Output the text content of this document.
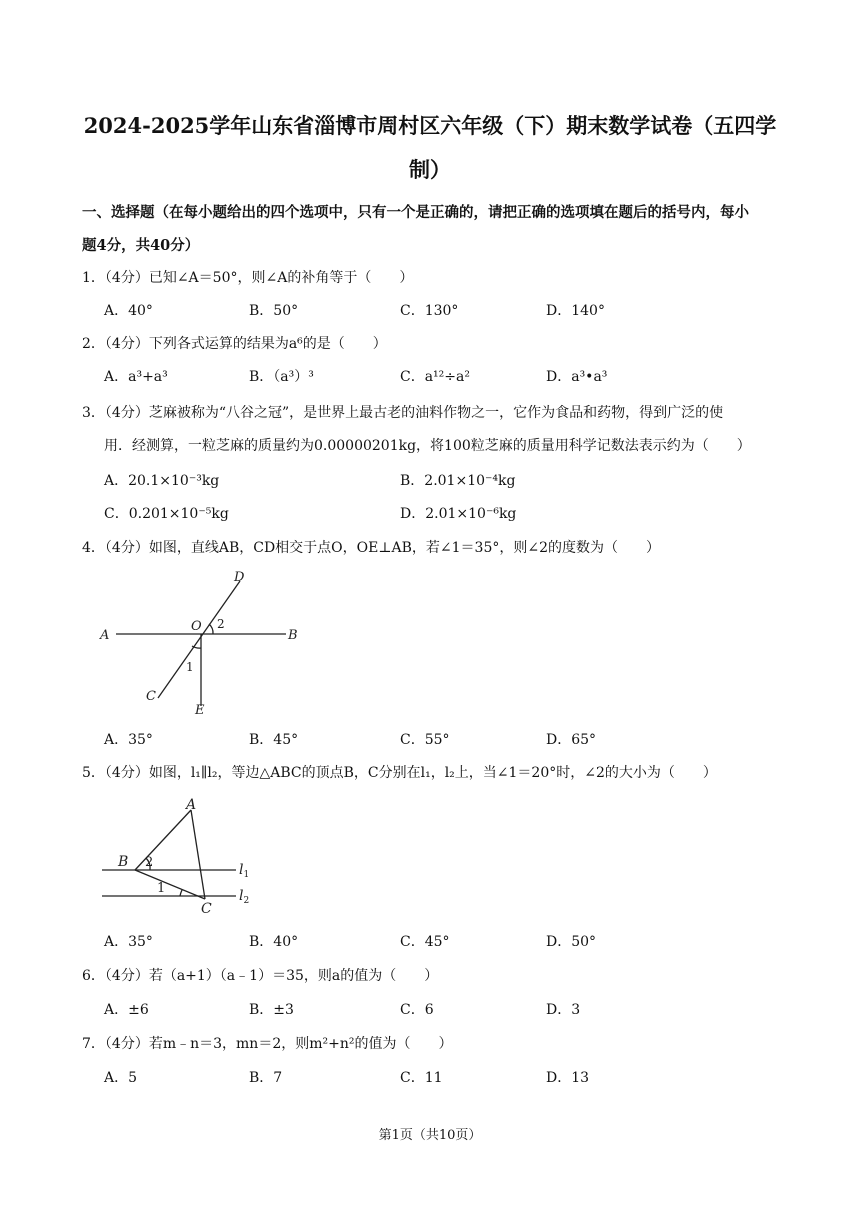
2024-2025学年山东省淄博市周村区六年级（下）期末数学试卷（五四学
制）
一、选择题（在每小题给出的四个选项中，只有一个是正确的，请把正确的选项填在题后的括号内，每小
题4分，共40分）
1．（4分）已知∠A＝50°，则∠A的补角等于（　　）
A．40°	B．50°	C．130°	D．140°
2．（4分）下列各式运算的结果为a⁶的是（　　）
A．a³+a³	B．（a³）³	C．a¹²÷a²	D．a³•a³
3．（4分）芝麻被称为“八谷之冠”，是世界上最古老的油料作物之一，它作为食品和药物，得到广泛的使
用．经测算，一粒芝麻的质量约为0.00000201kg，将100粒芝麻的质量用科学记数法表示约为（　　）
A．20.1×10⁻³kg	B．2.01×10⁻⁴kg
C．0.201×10⁻⁵kg	D．2.01×10⁻⁶kg
4．（4分）如图，直线AB，CD相交于点O，OE⊥AB，若∠1＝35°，则∠2的度数为（　　）
A	B
C
D
O
E
1
2
A．35°	B．45°	C．55°	D．65°
5．（4分）如图，l₁∥l₂，等边△ABC的顶点B，C分别在l₁，l₂上，当∠1＝20°时，∠2的大小为（　　）
A
B
C
$l_1$
$l_2$
2
1
A．35°	B．40°	C．45°	D．50°
6．（4分）若（a+1）（a﹣1）＝35，则a的值为（　　）
A．±6	B．±3	C．6	D．3
7．（4分）若m﹣n＝3，mn＝2，则m²+n²的值为（　　）
A．5	B．7	C．11	D．13
第1页（共10页）
